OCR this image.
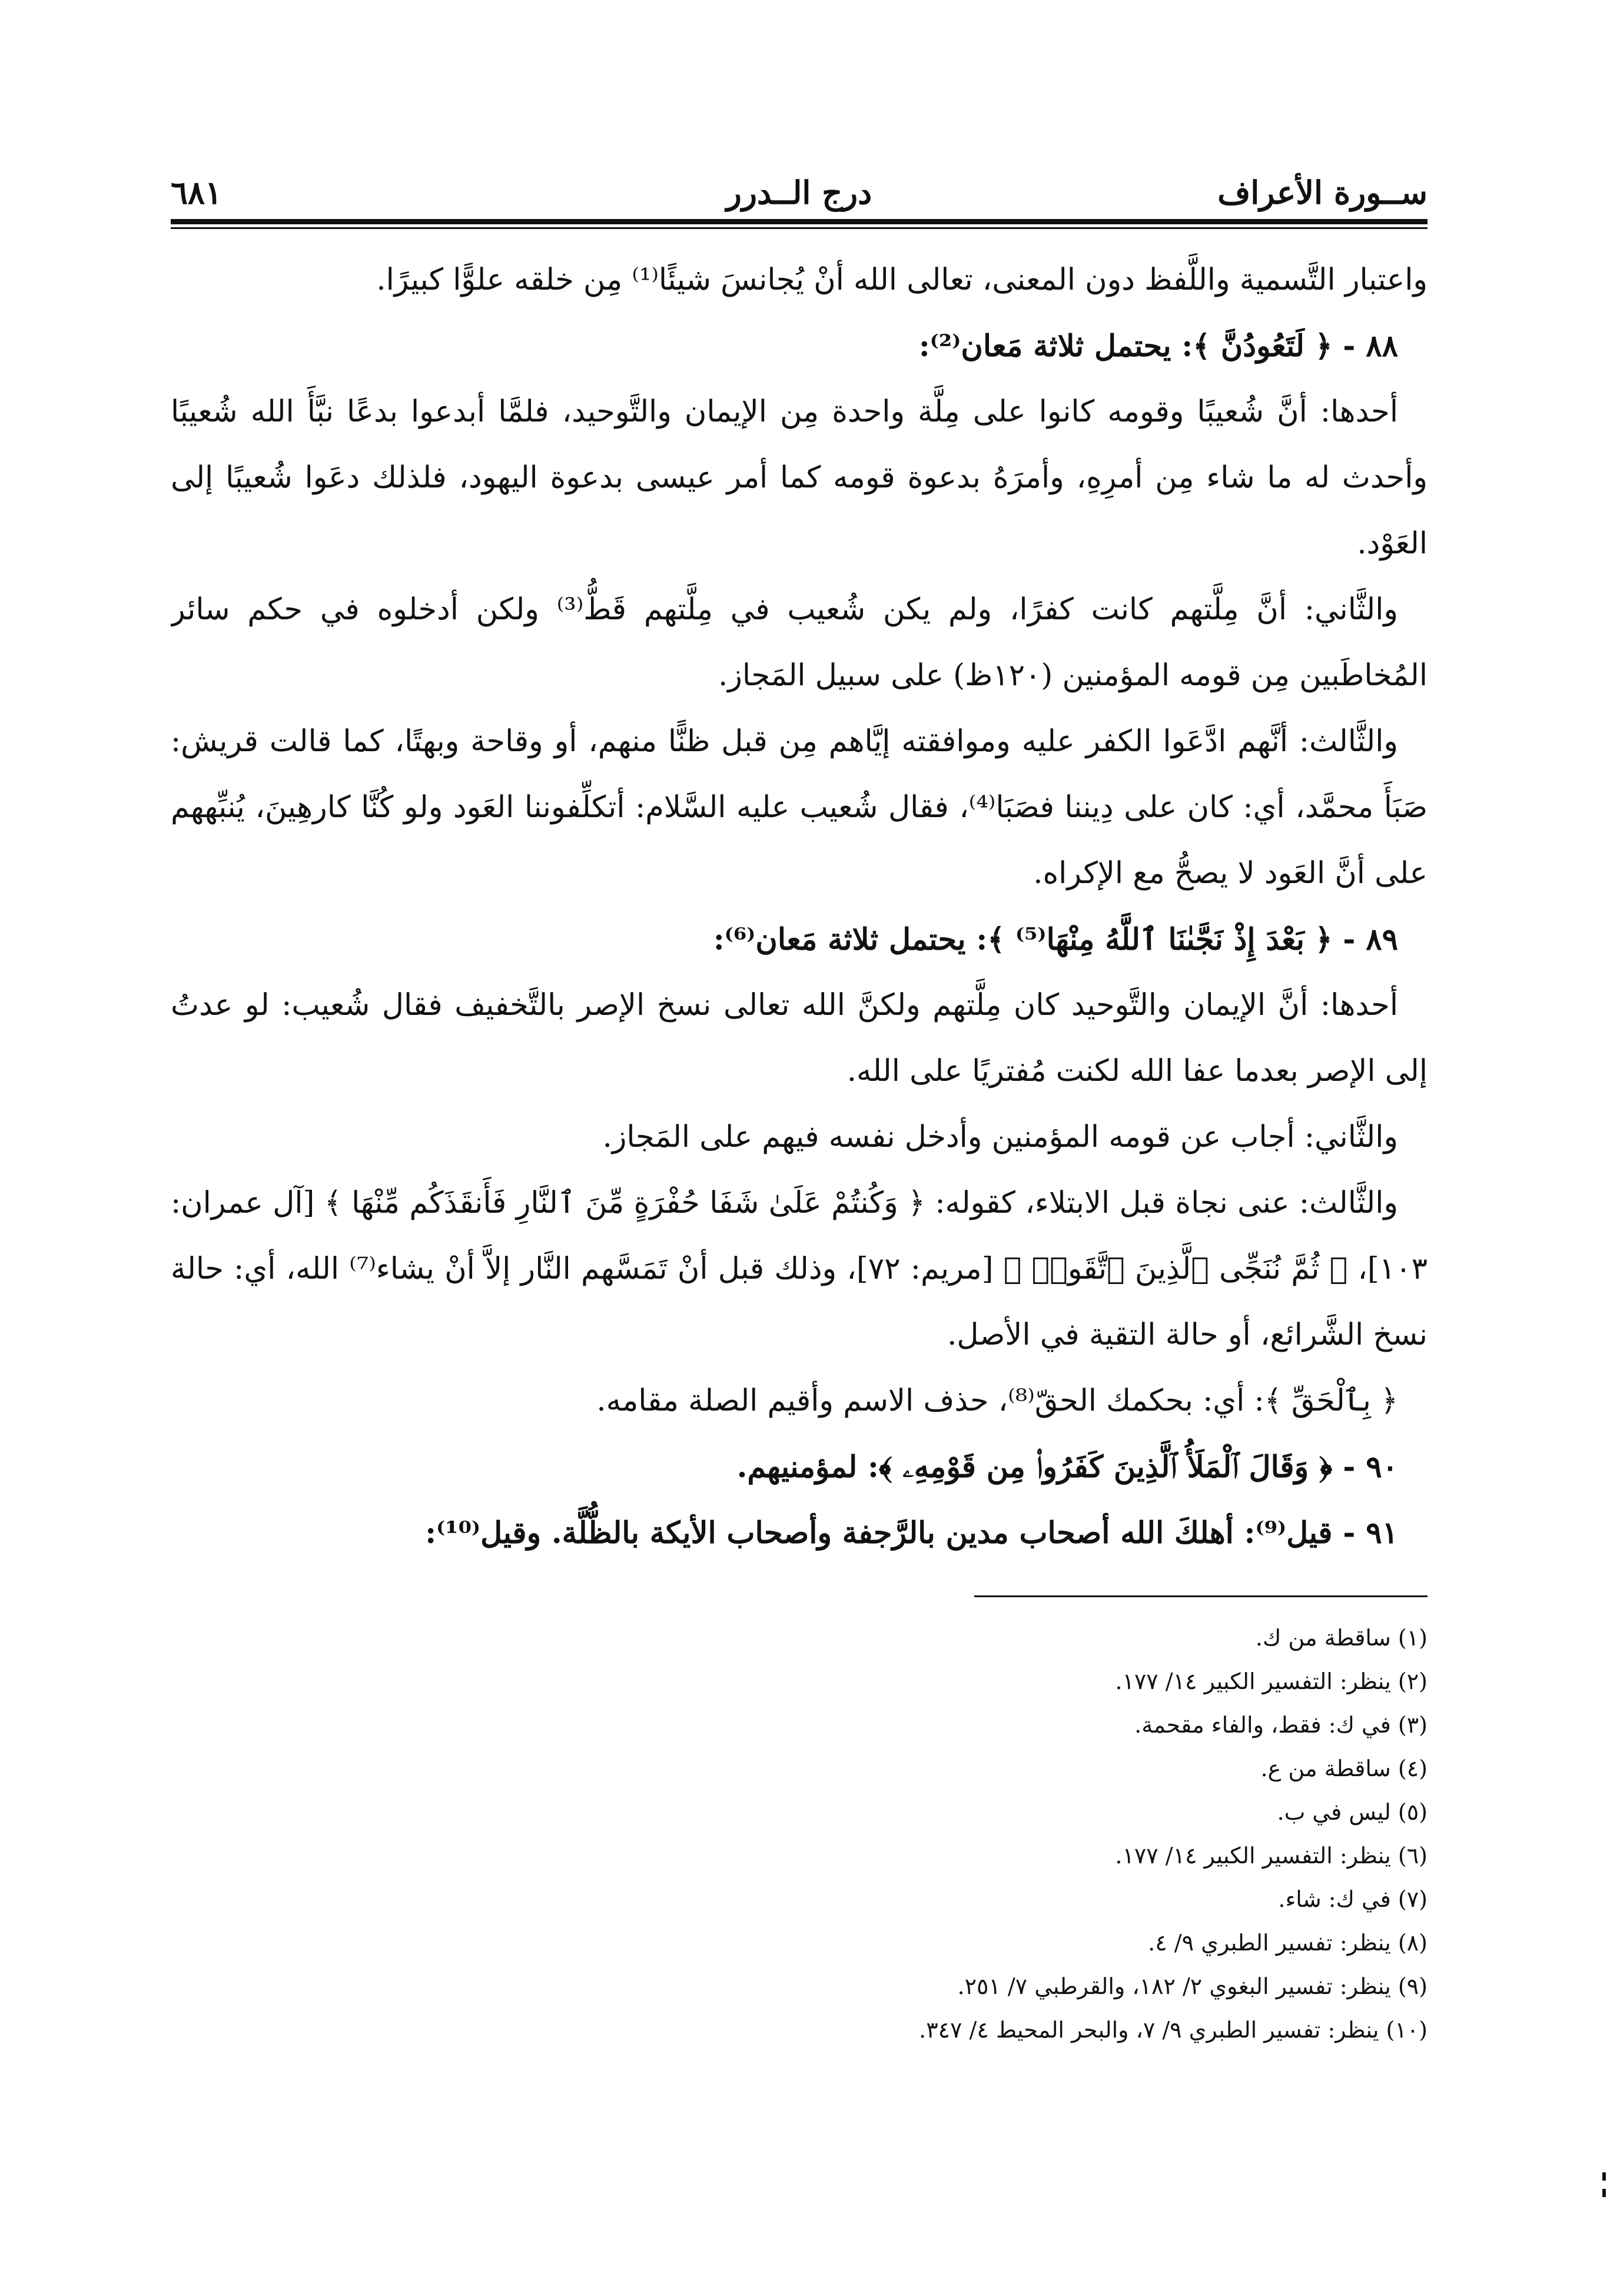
ســورة الأعراف
درج الــدرر
٦٨١

واعتبار التَّسمية واللَّفظ دون المعنى، تعالى الله أنْ يُجانسَ شيئًا⁽¹⁾ مِن خلقه علوًّا كبيرًا.

٨٨ - ﴿ لَتَعُودُنَّ ﴾: يحتمل ثلاثة مَعان⁽²⁾:

أحدها: أنَّ شُعيبًا وقومه كانوا على مِلَّة واحدة مِن الإيمان والتَّوحيد، فلمَّا أبدعوا بدعًا نبَّأَ الله شُعيبًا وأحدث له ما شاء مِن أمرِهِ، وأمرَهُ بدعوة قومه كما أمر عيسى بدعوة اليهود، فلذلك دعَوا شُعيبًا إلى العَوْد.

والثَّاني: أنَّ مِلَّتهم كانت كفرًا، ولم يكن شُعيب في مِلَّتهم قَطُّ⁽³⁾ ولكن أدخلوه في حكم سائر المُخاطَبين مِن قومه المؤمنين (١٢٠ظ) على سبيل المَجاز.

والثَّالث: أنَّهم ادَّعَوا الكفر عليه وموافقته إيَّاهم مِن قبل ظنًّا منهم، أو وقاحة وبهتًا، كما قالت قريش: صَبَأَ محمَّد، أي: كان على دِيننا فصَبَا⁽⁴⁾، فقال شُعيب عليه السَّلام: أتكلِّفوننا العَود ولو كُنَّا كارهِينَ، يُنبِّههم على أنَّ العَود لا يصحُّ مع الإكراه.

٨٩ - ﴿ بَعْدَ إِذْ نَجَّىٰنَا ٱللَّهُ مِنْهَا⁽⁵⁾ ﴾: يحتمل ثلاثة مَعان⁽⁶⁾:

أحدها: أنَّ الإيمان والتَّوحيد كان مِلَّتهم ولكنَّ الله تعالى نسخ الإصر بالتَّخفيف فقال شُعيب: لو عدتُ إلى الإصر بعدما عفا الله لكنت مُفتريًا على الله.

والثَّاني: أجاب عن قومه المؤمنين وأدخل نفسه فيهم على المَجاز.

والثَّالث: عنى نجاة قبل الابتلاء، كقوله: ﴿ وَكُنتُمْ عَلَىٰ شَفَا حُفْرَةٍ مِّنَ ٱلنَّارِ فَأَنقَذَكُم مِّنْهَا ﴾ [آل عمران: ١٠٣]، ﴿ ثُمَّ نُنَجِّى ٱلَّذِينَ ٱتَّقَوا۟ ﴾ [مريم: ٧٢]، وذلك قبل أنْ تَمَسَّهم النَّار إلاَّ أنْ يشاء⁽⁷⁾ الله، أي: حالة نسخ الشَّرائع، أو حالة التقية في الأصل.

﴿ بِٱلْحَقِّ ﴾: أي: بحكمك الحقّ⁽⁸⁾، حذف الاسم وأقيم الصلة مقامه.

٩٠ - ﴿ وَقَالَ ٱلْمَلَأُ ٱلَّذِينَ كَفَرُوا۟ مِن قَوْمِهِۦ ﴾: لمؤمنيهم.

٩١ - قيل⁽⁹⁾: أهلكَ الله أصحاب مدين بالرَّجفة وأصحاب الأيكة بالظُّلَّة. وقيل⁽¹⁰⁾:

(١) ساقطة من ك.

(٢) ينظر: التفسير الكبير ١٤/ ١٧٧.

(٣) في ك: فقط، والفاء مقحمة.

(٤) ساقطة من ع.

(٥) ليس في ب.

(٦) ينظر: التفسير الكبير ١٤/ ١٧٧.

(٧) في ك: شاء.

(٨) ينظر: تفسير الطبري ٩/ ٤.

(٩) ينظر: تفسير البغوي ٢/ ١٨٢، والقرطبي ٧/ ٢٥١.

(١٠) ينظر: تفسير الطبري ٩/ ٧، والبحر المحيط ٤/ ٣٤٧.
